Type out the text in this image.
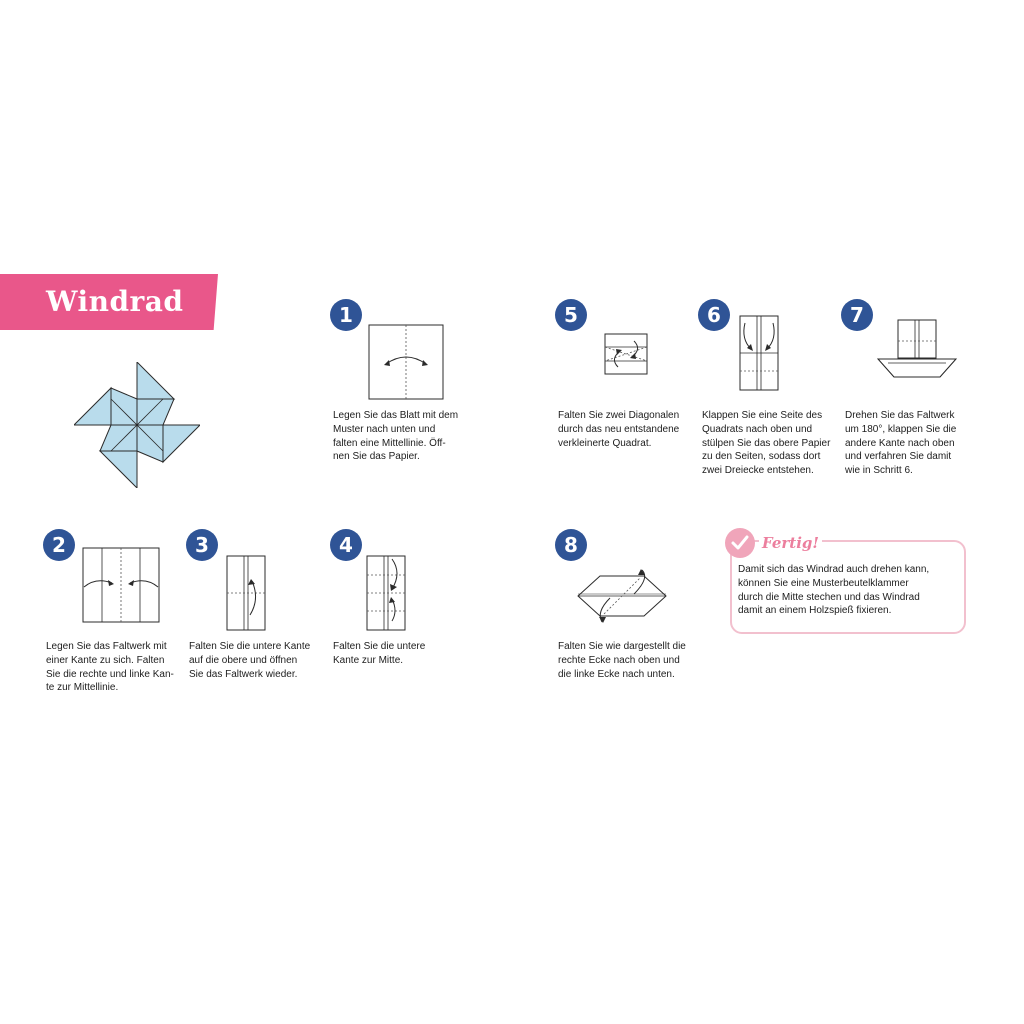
Windrad	1
Legen Sie das Blatt mit dem
Muster nach unten und
falten eine Mittellinie. Öff-
nen Sie das Papier.
2
Legen Sie das Faltwerk mit
einer Kante zu sich. Falten
Sie die rechte und linke Kan-
te zur Mittellinie.
3
Falten Sie die untere Kante
auf die obere und öffnen
Sie das Faltwerk wieder.
4
Falten Sie die untere
Kante zur Mitte.
5
Falten Sie zwei Diagonalen
durch das neu entstandene
verkleinerte Quadrat.
6
Klappen Sie eine Seite des
Quadrats nach oben und
stülpen Sie das obere Papier
zu den Seiten, sodass dort
zwei Dreiecke entstehen.
7
Drehen Sie das Faltwerk
um 180°, klappen Sie die
andere Kante nach oben
und verfahren Sie damit
wie in Schritt 6.
8
Falten Sie wie dargestellt die
rechte Ecke nach oben und
die linke Ecke nach unten.
Fertig!
Damit sich das Windrad auch drehen kann,
können Sie eine Musterbeutelklammer
durch die Mitte stechen und das Windrad
damit an einem Holzspieß fixieren.
